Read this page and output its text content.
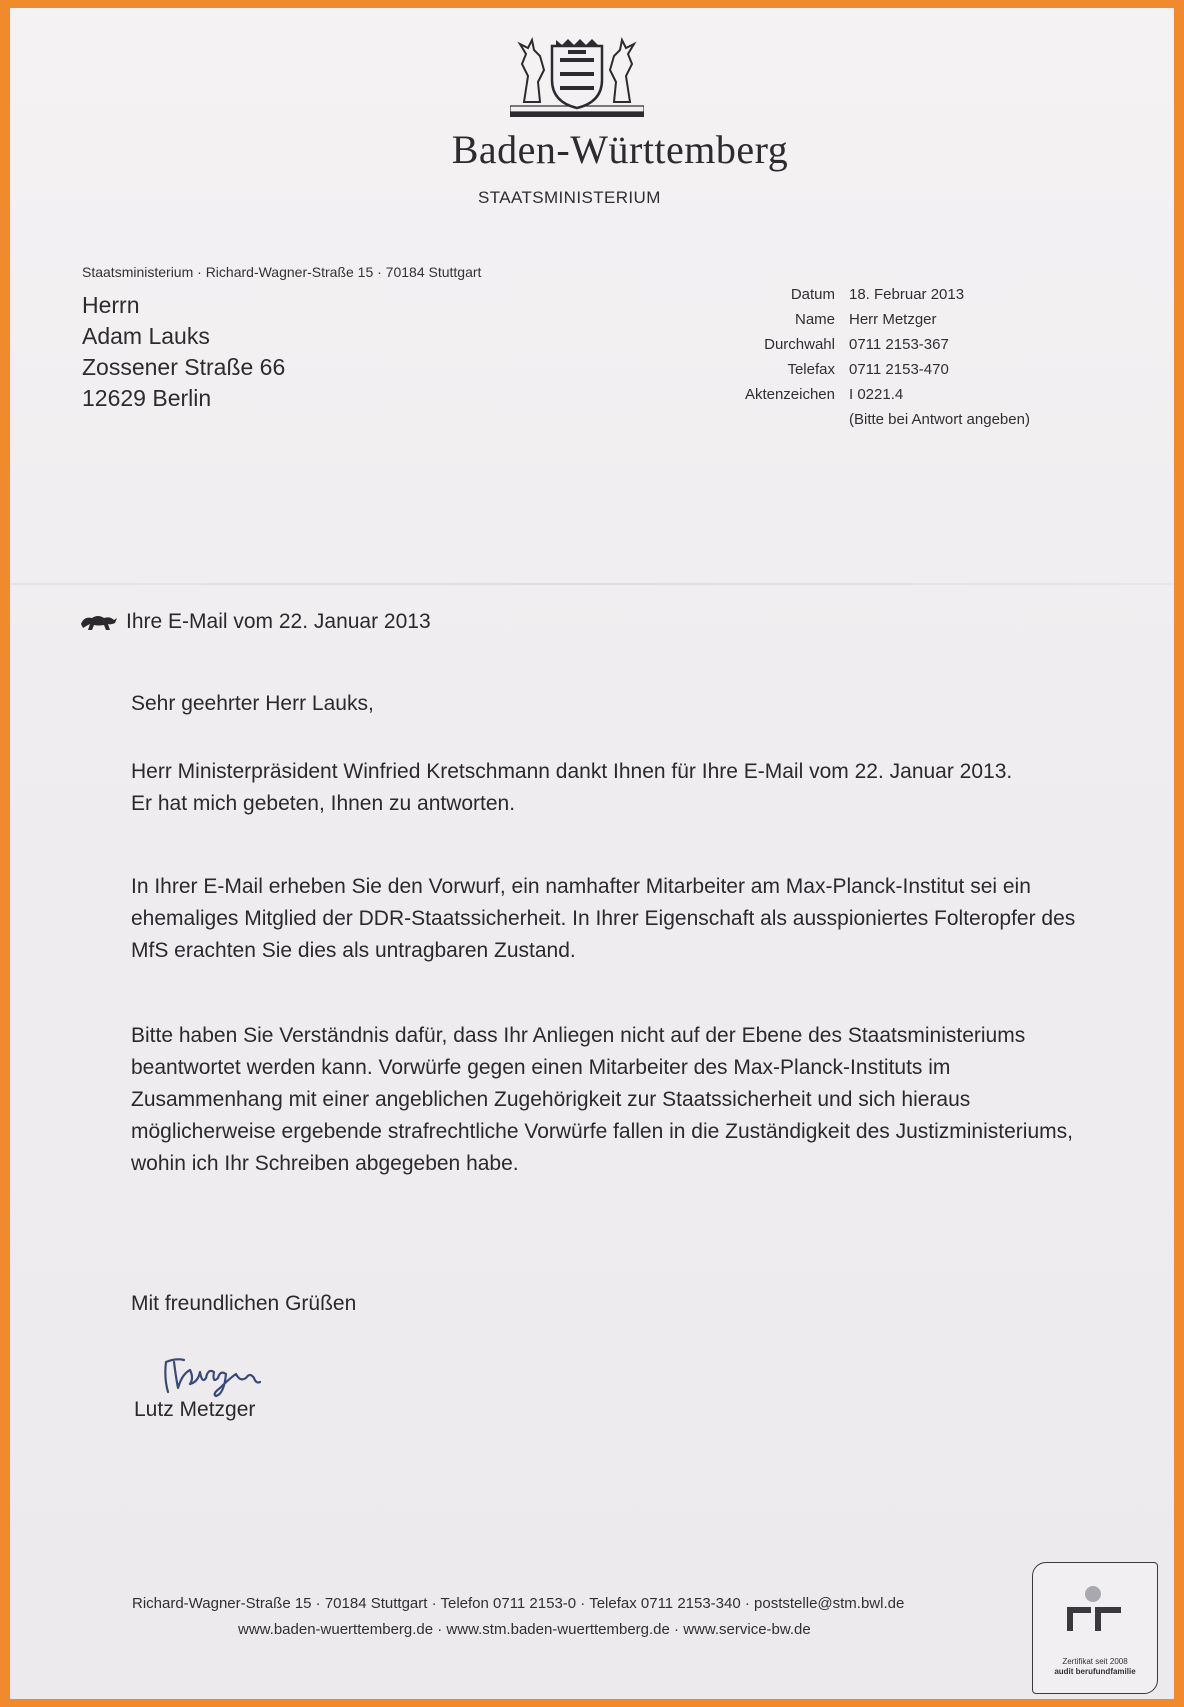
Baden-Württemberg
STAATSMINISTERIUM
Staatsministerium · Richard-Wagner-Straße 15 · 70184 Stuttgart
Herrn
Adam Lauks
Zossener Straße 66
12629 Berlin
Datum 18. Februar 2013
Name Herr Metzger
Durchwahl 0711 2153-367
Telefax 0711 2153-470
Aktenzeichen I 0221.4
(Bitte bei Antwort angeben)
Ihre E-Mail vom 22. Januar 2013

Sehr geehrter Herr Lauks,

Herr Ministerpräsident Winfried Kretschmann dankt Ihnen für Ihre E-Mail vom 22. Januar 2013. Er hat mich gebeten, Ihnen zu antworten.

In Ihrer E-Mail erheben Sie den Vorwurf, ein namhafter Mitarbeiter am Max-Planck-Institut sei ein ehemaliges Mitglied der DDR-Staatssicherheit. In Ihrer Eigenschaft als ausspioniertes Folteropfer des MfS erachten Sie dies als untragbaren Zustand.

Bitte haben Sie Verständnis dafür, dass Ihr Anliegen nicht auf der Ebene des Staatsministeriums beantwortet werden kann. Vorwürfe gegen einen Mitarbeiter des Max-Planck-Instituts im Zusammenhang mit einer angeblichen Zugehörigkeit zur Staatssicherheit und sich hieraus möglicherweise ergebende strafrechtliche Vorwürfe fallen in die Zuständigkeit des Justizministeriums, wohin ich Ihr Schreiben abgegeben habe.

Mit freundlichen Grüßen

Lutz Metzger
Richard-Wagner-Straße 15 · 70184 Stuttgart · Telefon 0711 2153-0 · Telefax 0711 2153-340 · poststelle@stm.bwl.de
www.baden-wuerttemberg.de · www.stm.baden-wuerttemberg.de · www.service-bw.de
Zertifikat seit 2008
audit berufundfamilie
